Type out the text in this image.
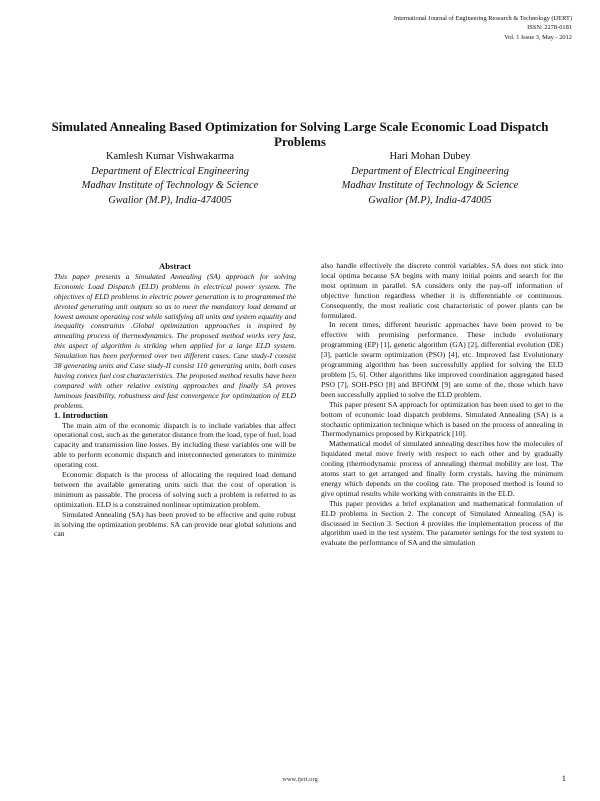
International Journal of Engineering Research & Technology (IJERT)
ISSN: 2278-0181
Vol. 1 Issue 3, May - 2012
Simulated Annealing Based Optimization for Solving Large Scale Economic Load Dispatch Problems
Kamlesh Kumar Vishwakarma
Department of Electrical Engineering
Madhav Institute of Technology & Science
Gwalior (M.P), India-474005
Hari Mohan Dubey
Department of Electrical Engineering
Madhav Institute of Technology & Science
Gwalior (M.P), India-474005

Abstract

This paper presents a Simulated Annealing (SA) approach for solving Economic Load Dispatch (ELD) problems in electrical power system. The objectives of ELD problems in electric power generation is to programmed the devoted generating unit outputs so as to meet the mandatory load demand at lowest amount operating cost while satisfying all units and system equality and inequality constraints .Global optimization approaches is inspired by annealing process of thermodynamics. The proposed method works very fast, this aspect of algorithm is striking when applied for a large ELD system. Simulation has been performed over two different cases. Case study-I consist 38 generating units and Case study-II consist 110 generating units, both cases having convex fuel cost characteristics. The proposed method results have been compared with other relative existing approaches and finally SA proves luminous feasibility, robustness and fast convergence for optimization of ELD problems.

1. Introduction

The main aim of the economic dispatch is to include variables that affect operational cost, such as the generator distance from the load, type of fuel, load capacity and transmission line losses. By including these variables one will be able to perform economic dispatch and interconnected generators to minimize operating cost.

Economic dispatch is the process of allocating the required load demand between the available generating units such that the cost of operation is minimum as passable. The process of solving such a problem is referred to as optimization. ELD is a constrained nonlinear optimization problem.

Simulated Annealing (SA) has been proved to be effective and quite robust in solving the optimization problems. SA can provide near global solutions and can

also handle effectively the discrete control variables. SA does not stick into local optima because SA begins with many initial points and search for the most optimum in parallel. SA considers only the pay-off information of objective function regardless whether it is differentiable or continuous. Consequently, the most realistic cost characteristic of power plants can be formulated.

In recent times, different heuristic approaches have been proved to be effective with promising performance. These include evolutionary programming (EP) [1], genetic algorithm (GA) [2], differential evolution (DE) [3], particle swarm optimization (PSO) [4], etc. Improved fast Evolutionary programming algorithm has been successfully applied for solving the ELD problem [5, 6]. Other algorithms like improved coordination aggregated based PSO [7], SOH-PSO [8] and BFONM [9] are some of the, those which have been successfully applied to solve the ELD problem.

This paper present SA approach for optimization has been used to get to the bottom of economic load dispatch problems. Simulated Annealing (SA) is a stochastic optimization technique which is based on the process of annealing in Thermodynamics proposed by Kirkpatrick [10].

Mathematical model of simulated annealing describes how the molecules of liquidated metal move freely with respect to each other and by gradually cooling (thermodynamic process of annealing) thermal mobility are lost. The atoms start to get arranged and finally form crystals, having the minimum energy which depends on the cooling rate. The proposed method is found to give optimal results while working with constraints in the ELD.

This paper provides a brief explanation and mathematical formulation of ELD problems in Section 2. The concept of Simulated Annealing (SA) is discussed in Section 3. Section 4 provides the implementation process of the algorithm used in the test system. The parameter settings for the test system to evaluate the performance of SA and the simulation

www.ijert.org	1
